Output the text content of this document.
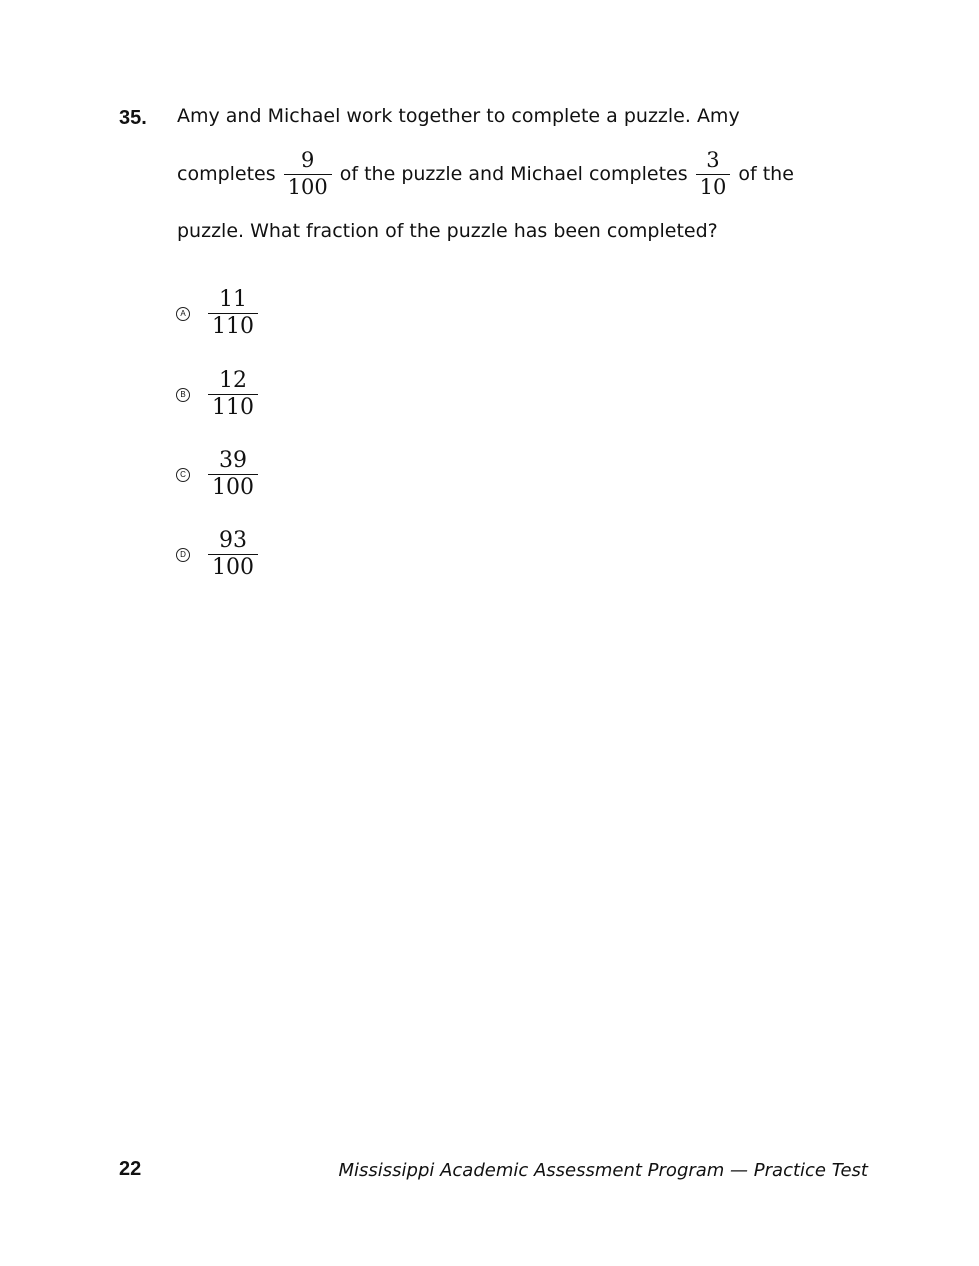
35. Amy and Michael work together to complete a puzzle. Amy
completes $\frac{9}{100}$ of the puzzle and Michael completes $\frac{3}{10}$ of the
puzzle. What fraction of the puzzle has been completed?
A $\frac{11}{110}$
B $\frac{12}{110}$
C $\frac{39}{100}$
D $\frac{93}{100}$
22	Mississippi Academic Assessment Program — Practice Test
